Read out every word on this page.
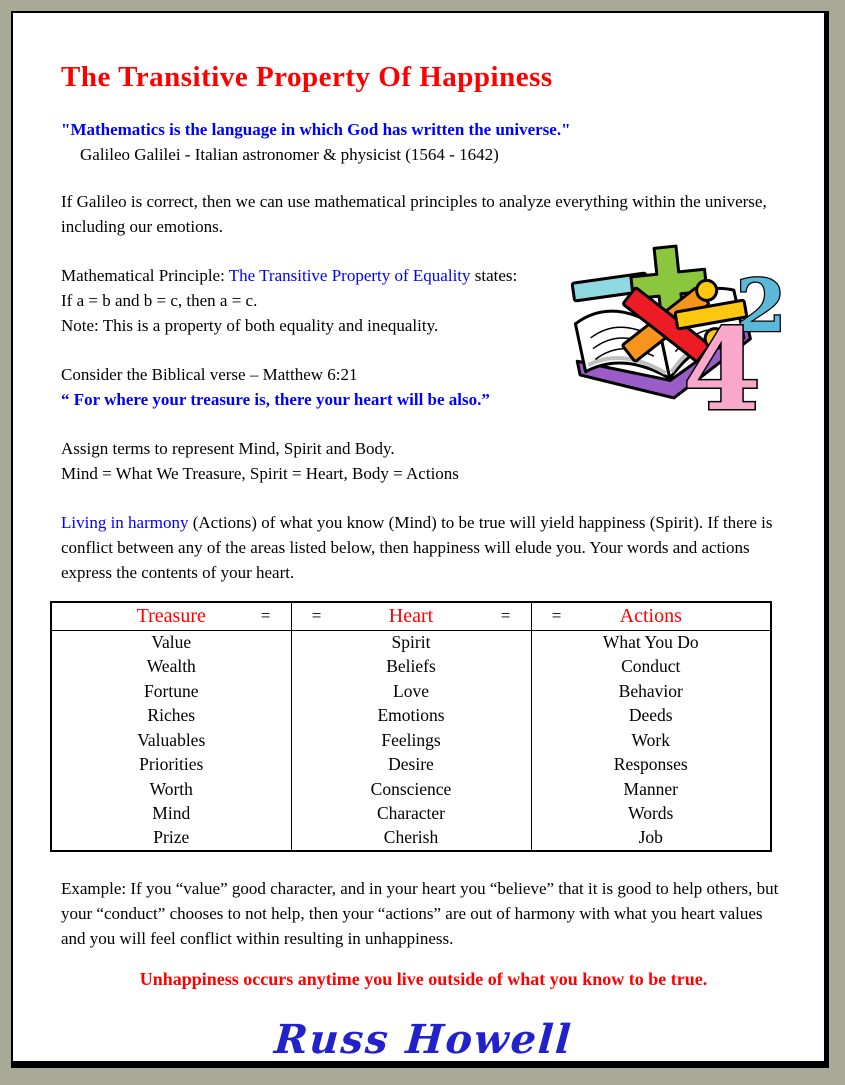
The Transitive Property Of Happiness

"Mathematics is the language in which God has written the universe."

Galileo Galilei - Italian astronomer & physicist (1564 - 1642)

If Galileo is correct, then we can use mathematical principles to analyze everything within the universe, including our emotions.

Mathematical Principle: The Transitive Property of Equality states:
If a = b and b = c, then a = c.
Note: This is a property of both equality and inequality.
Consider the Biblical verse – Matthew 6:21
“ For where your treasure is, there your heart will be also.”
Assign terms to represent Mind, Spirit and Body.
Mind = What We Treasure, Spirit = Heart, Body = Actions

Living in harmony (Actions) of what you know (Mind) to be true will yield happiness (Spirit). If there is conflict between any of the areas listed below, then happiness will elude you. Your words and actions express the contents of your heart.

Treasure =	= Heart =	= Actions

Value	Spirit	What You Do
Wealth	Beliefs	Conduct
Fortune	Love	Behavior
Riches	Emotions	Deeds
Valuables	Feelings	Work
Priorities	Desire	Responses
Worth	Conscience	Manner
Mind	Character	Words
Prize	Cherish	Job

Example: If you “value” good character, and in your heart you “believe” that it is good to help others, but your “conduct” chooses to not help, then your “actions” are out of harmony with what you heart values and you will feel conflict within resulting in unhappiness.

Unhappiness occurs anytime you live outside of what you know to be true.

Russ Howell
2
4
